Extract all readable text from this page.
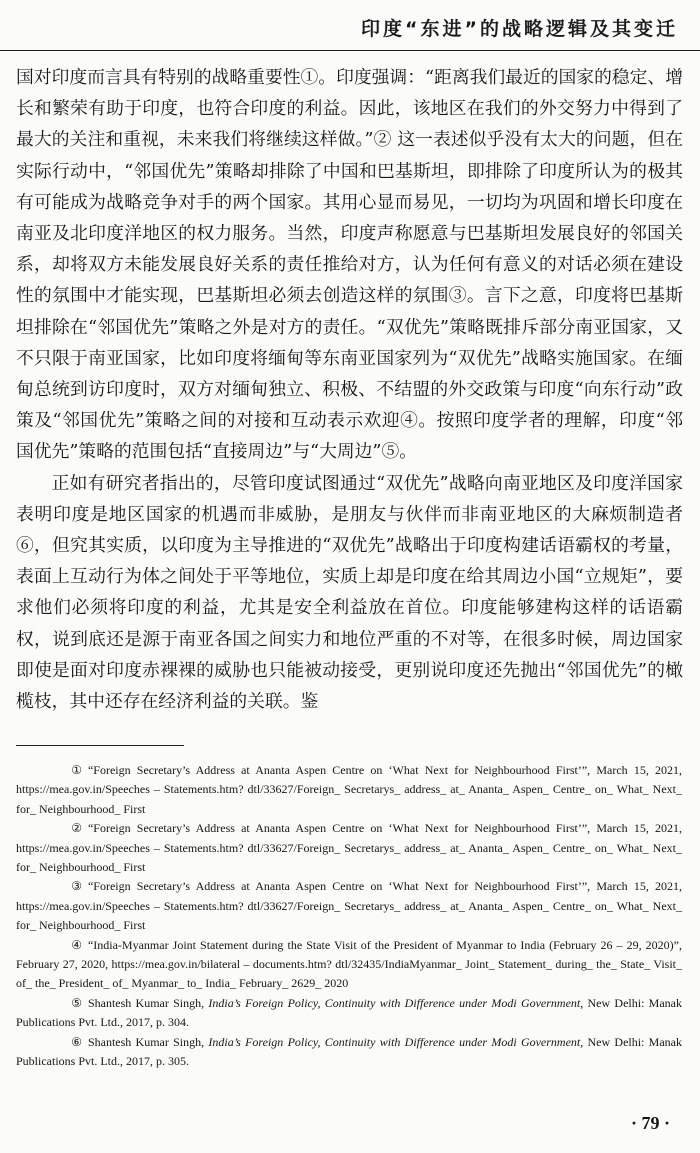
印度“东进”的战略逻辑及其变迁

国对印度而言具有特别的战略重要性①。印度强调：“距离我们最近的国家的稳定、增长和繁荣有助于印度，也符合印度的利益。因此，该地区在我们的外交努力中得到了最大的关注和重视，未来我们将继续这样做。”② 这一表述似乎没有太大的问题，但在实际行动中，“邻国优先”策略却排除了中国和巴基斯坦，即排除了印度所认为的极其有可能成为战略竞争对手的两个国家。其用心显而易见，一切均为巩固和增长印度在南亚及北印度洋地区的权力服务。当然，印度声称愿意与巴基斯坦发展良好的邻国关系，却将双方未能发展良好关系的责任推给对方，认为任何有意义的对话必须在建设性的氛围中才能实现，巴基斯坦必须去创造这样的氛围③。言下之意，印度将巴基斯坦排除在“邻国优先”策略之外是对方的责任。“双优先”策略既排斥部分南亚国家，又不只限于南亚国家，比如印度将缅甸等东南亚国家列为“双优先”战略实施国家。在缅甸总统到访印度时，双方对缅甸独立、积极、不结盟的外交政策与印度“向东行动”政策及“邻国优先”策略之间的对接和互动表示欢迎④。按照印度学者的理解，印度“邻国优先”策略的范围包括“直接周边”与“大周边”⑤。

正如有研究者指出的，尽管印度试图通过“双优先”战略向南亚地区及印度洋国家表明印度是地区国家的机遇而非威胁，是朋友与伙伴而非南亚地区的大麻烦制造者⑥，但究其实质，以印度为主导推进的“双优先”战略出于印度构建话语霸权的考量，表面上互动行为体之间处于平等地位，实质上却是印度在给其周边小国“立规矩”，要求他们必须将印度的利益，尤其是安全利益放在首位。印度能够建构这样的话语霸权，说到底还是源于南亚各国之间实力和地位严重的不对等，在很多时候，周边国家即使是面对印度赤裸裸的威胁也只能被动接受，更别说印度还先抛出“邻国优先”的橄榄枝，其中还存在经济利益的关联。鉴

① “Foreign Secretary’s Address at Ananta Aspen Centre on ‘What Next for Neighbourhood First’”, March 15, 2021, https://mea.gov.in/Speeches – Statements.htm? dtl/33627/Foreign_ Secretarys_ address_ at_ Ananta_ Aspen_ Centre_ on_ What_ Next_ for_ Neighbourhood_ First

② “Foreign Secretary’s Address at Ananta Aspen Centre on ‘What Next for Neighbourhood First’”, March 15, 2021, https://mea.gov.in/Speeches – Statements.htm? dtl/33627/Foreign_ Secretarys_ address_ at_ Ananta_ Aspen_ Centre_ on_ What_ Next_ for_ Neighbourhood_ First

③ “Foreign Secretary’s Address at Ananta Aspen Centre on ‘What Next for Neighbourhood First’”, March 15, 2021, https://mea.gov.in/Speeches – Statements.htm? dtl/33627/Foreign_ Secretarys_ address_ at_ Ananta_ Aspen_ Centre_ on_ What_ Next_ for_ Neighbourhood_ First

④ “India-Myanmar Joint Statement during the State Visit of the President of Myanmar to India (February 26 – 29, 2020)”, February 27, 2020, https://mea.gov.in/bilateral – documents.htm? dtl/32435/IndiaMyanmar_ Joint_ Statement_ during_ the_ State_ Visit_ of_ the_ President_ of_ Myanmar_ to_ India_ February_ 2629_ 2020

⑤ Shantesh Kumar Singh, India’s Foreign Policy, Continuity with Difference under Modi Government, New Delhi: Manak Publications Pvt. Ltd., 2017, p. 304.

⑥ Shantesh Kumar Singh, India’s Foreign Policy, Continuity with Difference under Modi Government, New Delhi: Manak Publications Pvt. Ltd., 2017, p. 305.

· 79 ·
